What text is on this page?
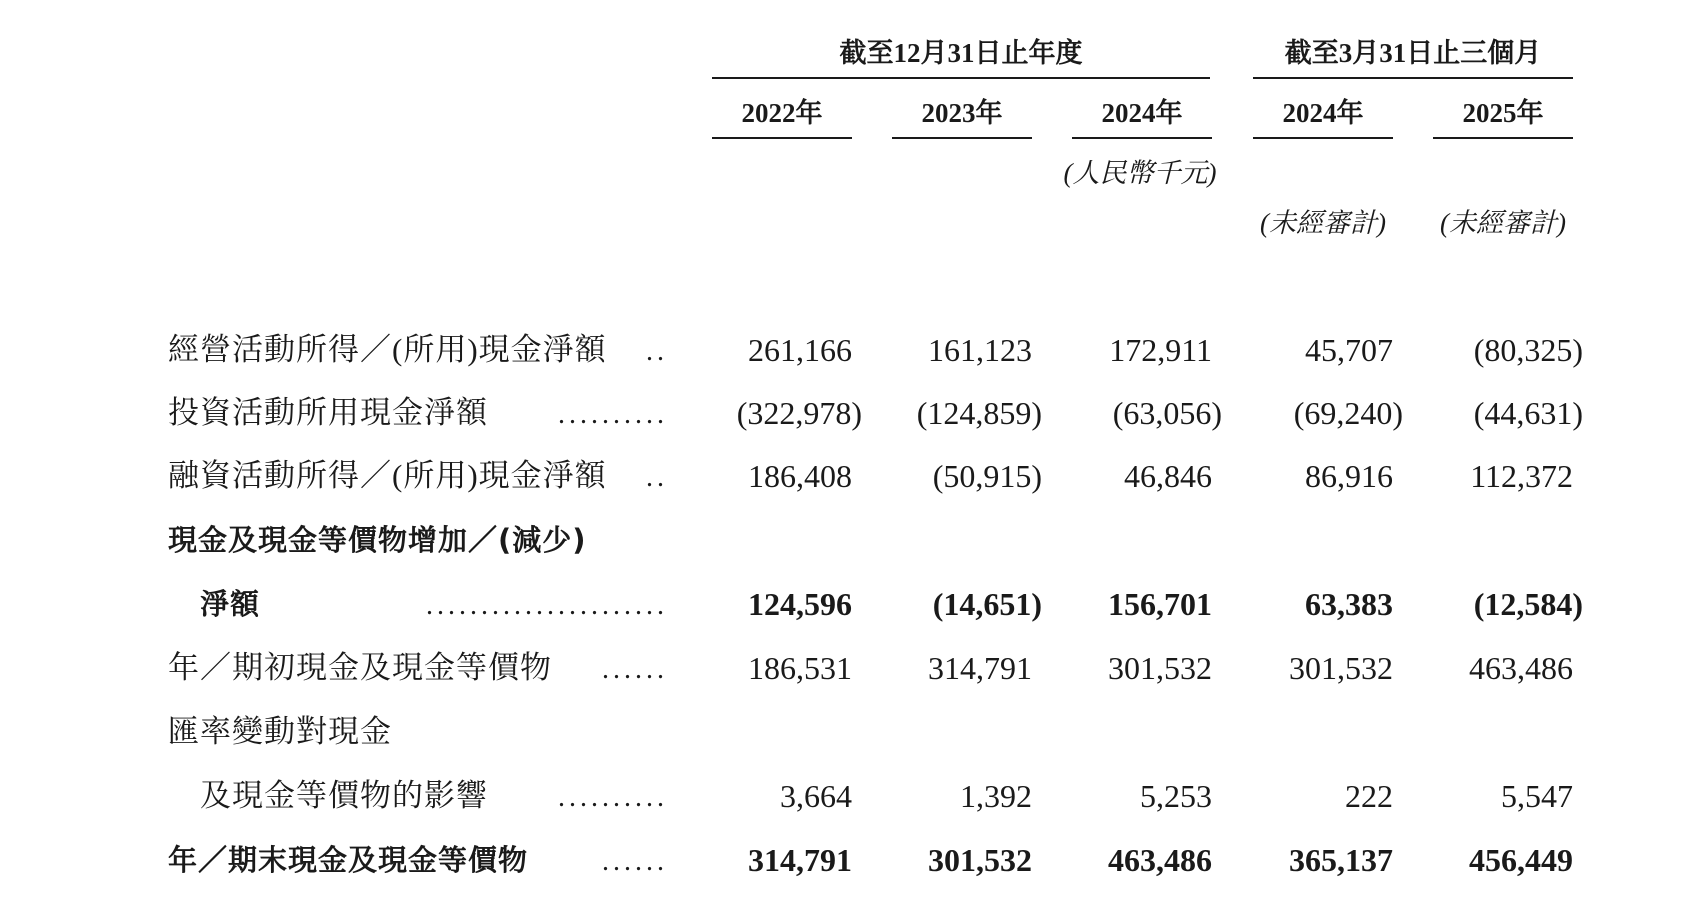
截至12月31日止年度	截至3月31日止三個月
2022年	2023年	2024年	2024年	2025年
(人民幣千元)
(未經審計)	(未經審計)
經營活動所得／(所用)現金淨額	..	261,166	161,123	172,911	45,707	(80,325)
投資活動所用現金淨額	..........	(322,978)	(124,859)	(63,056)	(69,240)	(44,631)
融資活動所得／(所用)現金淨額	..	186,408	(50,915)	46,846	86,916	112,372
現金及現金等價物增加／(減少)
淨額	......................	124,596	(14,651)	156,701	63,383	(12,584)
年／期初現金及現金等價物	......	186,531	314,791	301,532	301,532	463,486
匯率變動對現金
及現金等價物的影響	..........	3,664	1,392	5,253	222	5,547
年／期末現金及現金等價物	......	314,791	301,532	463,486	365,137	456,449
